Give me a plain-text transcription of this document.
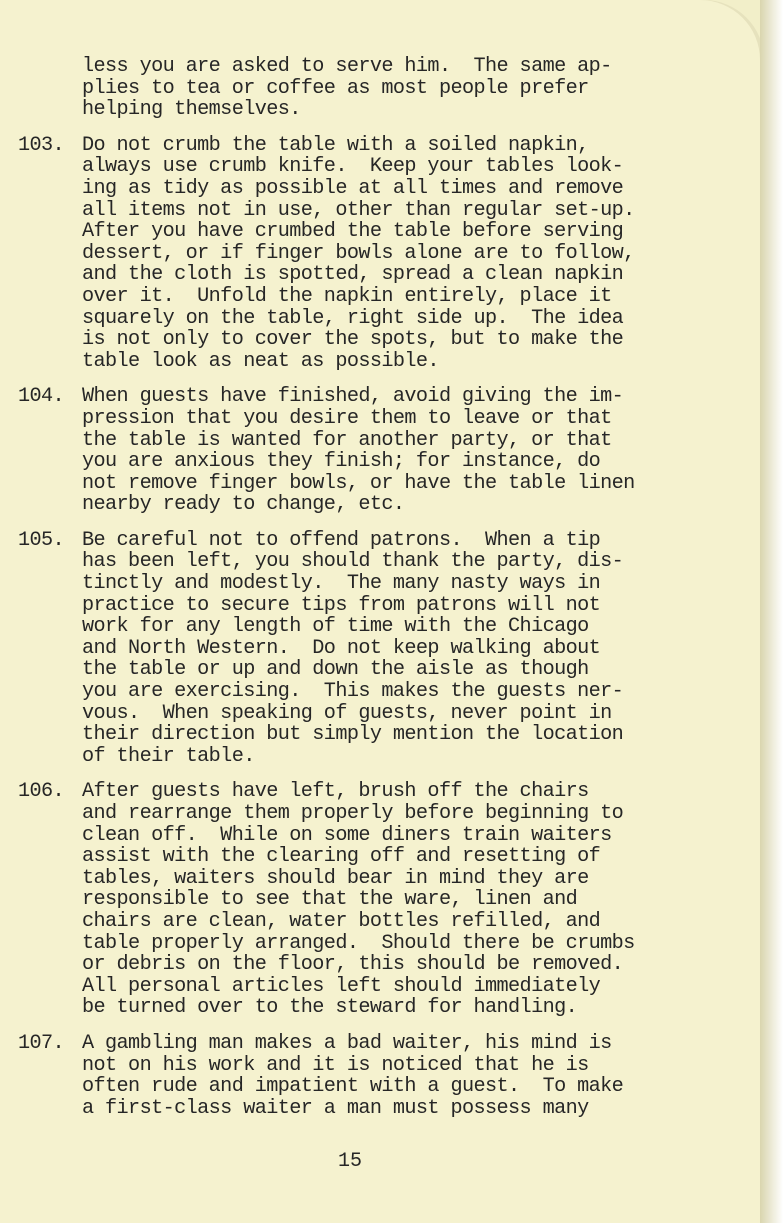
less you are asked to serve him.  The same ap-
plies to tea or coffee as most people prefer
helping themselves.
103. Do not crumb the table with a soiled napkin,
always use crumb knife.  Keep your tables look-
ing as tidy as possible at all times and remove
all items not in use, other than regular set-up.
After you have crumbed the table before serving
dessert, or if finger bowls alone are to follow,
and the cloth is spotted, spread a clean napkin
over it.  Unfold the napkin entirely, place it
squarely on the table, right side up.  The idea
is not only to cover the spots, but to make the
table look as neat as possible.
104. When guests have finished, avoid giving the im-
pression that you desire them to leave or that
the table is wanted for another party, or that
you are anxious they finish; for instance, do
not remove finger bowls, or have the table linen
nearby ready to change, etc.
105. Be careful not to offend patrons.  When a tip
has been left, you should thank the party, dis-
tinctly and modestly.  The many nasty ways in
practice to secure tips from patrons will not
work for any length of time with the Chicago
and North Western.  Do not keep walking about
the table or up and down the aisle as though
you are exercising.  This makes the guests ner-
vous.  When speaking of guests, never point in
their direction but simply mention the location
of their table.
106. After guests have left, brush off the chairs
and rearrange them properly before beginning to
clean off.  While on some diners train waiters
assist with the clearing off and resetting of
tables, waiters should bear in mind they are
responsible to see that the ware, linen and
chairs are clean, water bottles refilled, and
table properly arranged.  Should there be crumbs
or debris on the floor, this should be removed.
All personal articles left should immediately
be turned over to the steward for handling.
107. A gambling man makes a bad waiter, his mind is
not on his work and it is noticed that he is
often rude and impatient with a guest.  To make
a first-class waiter a man must possess many
15
